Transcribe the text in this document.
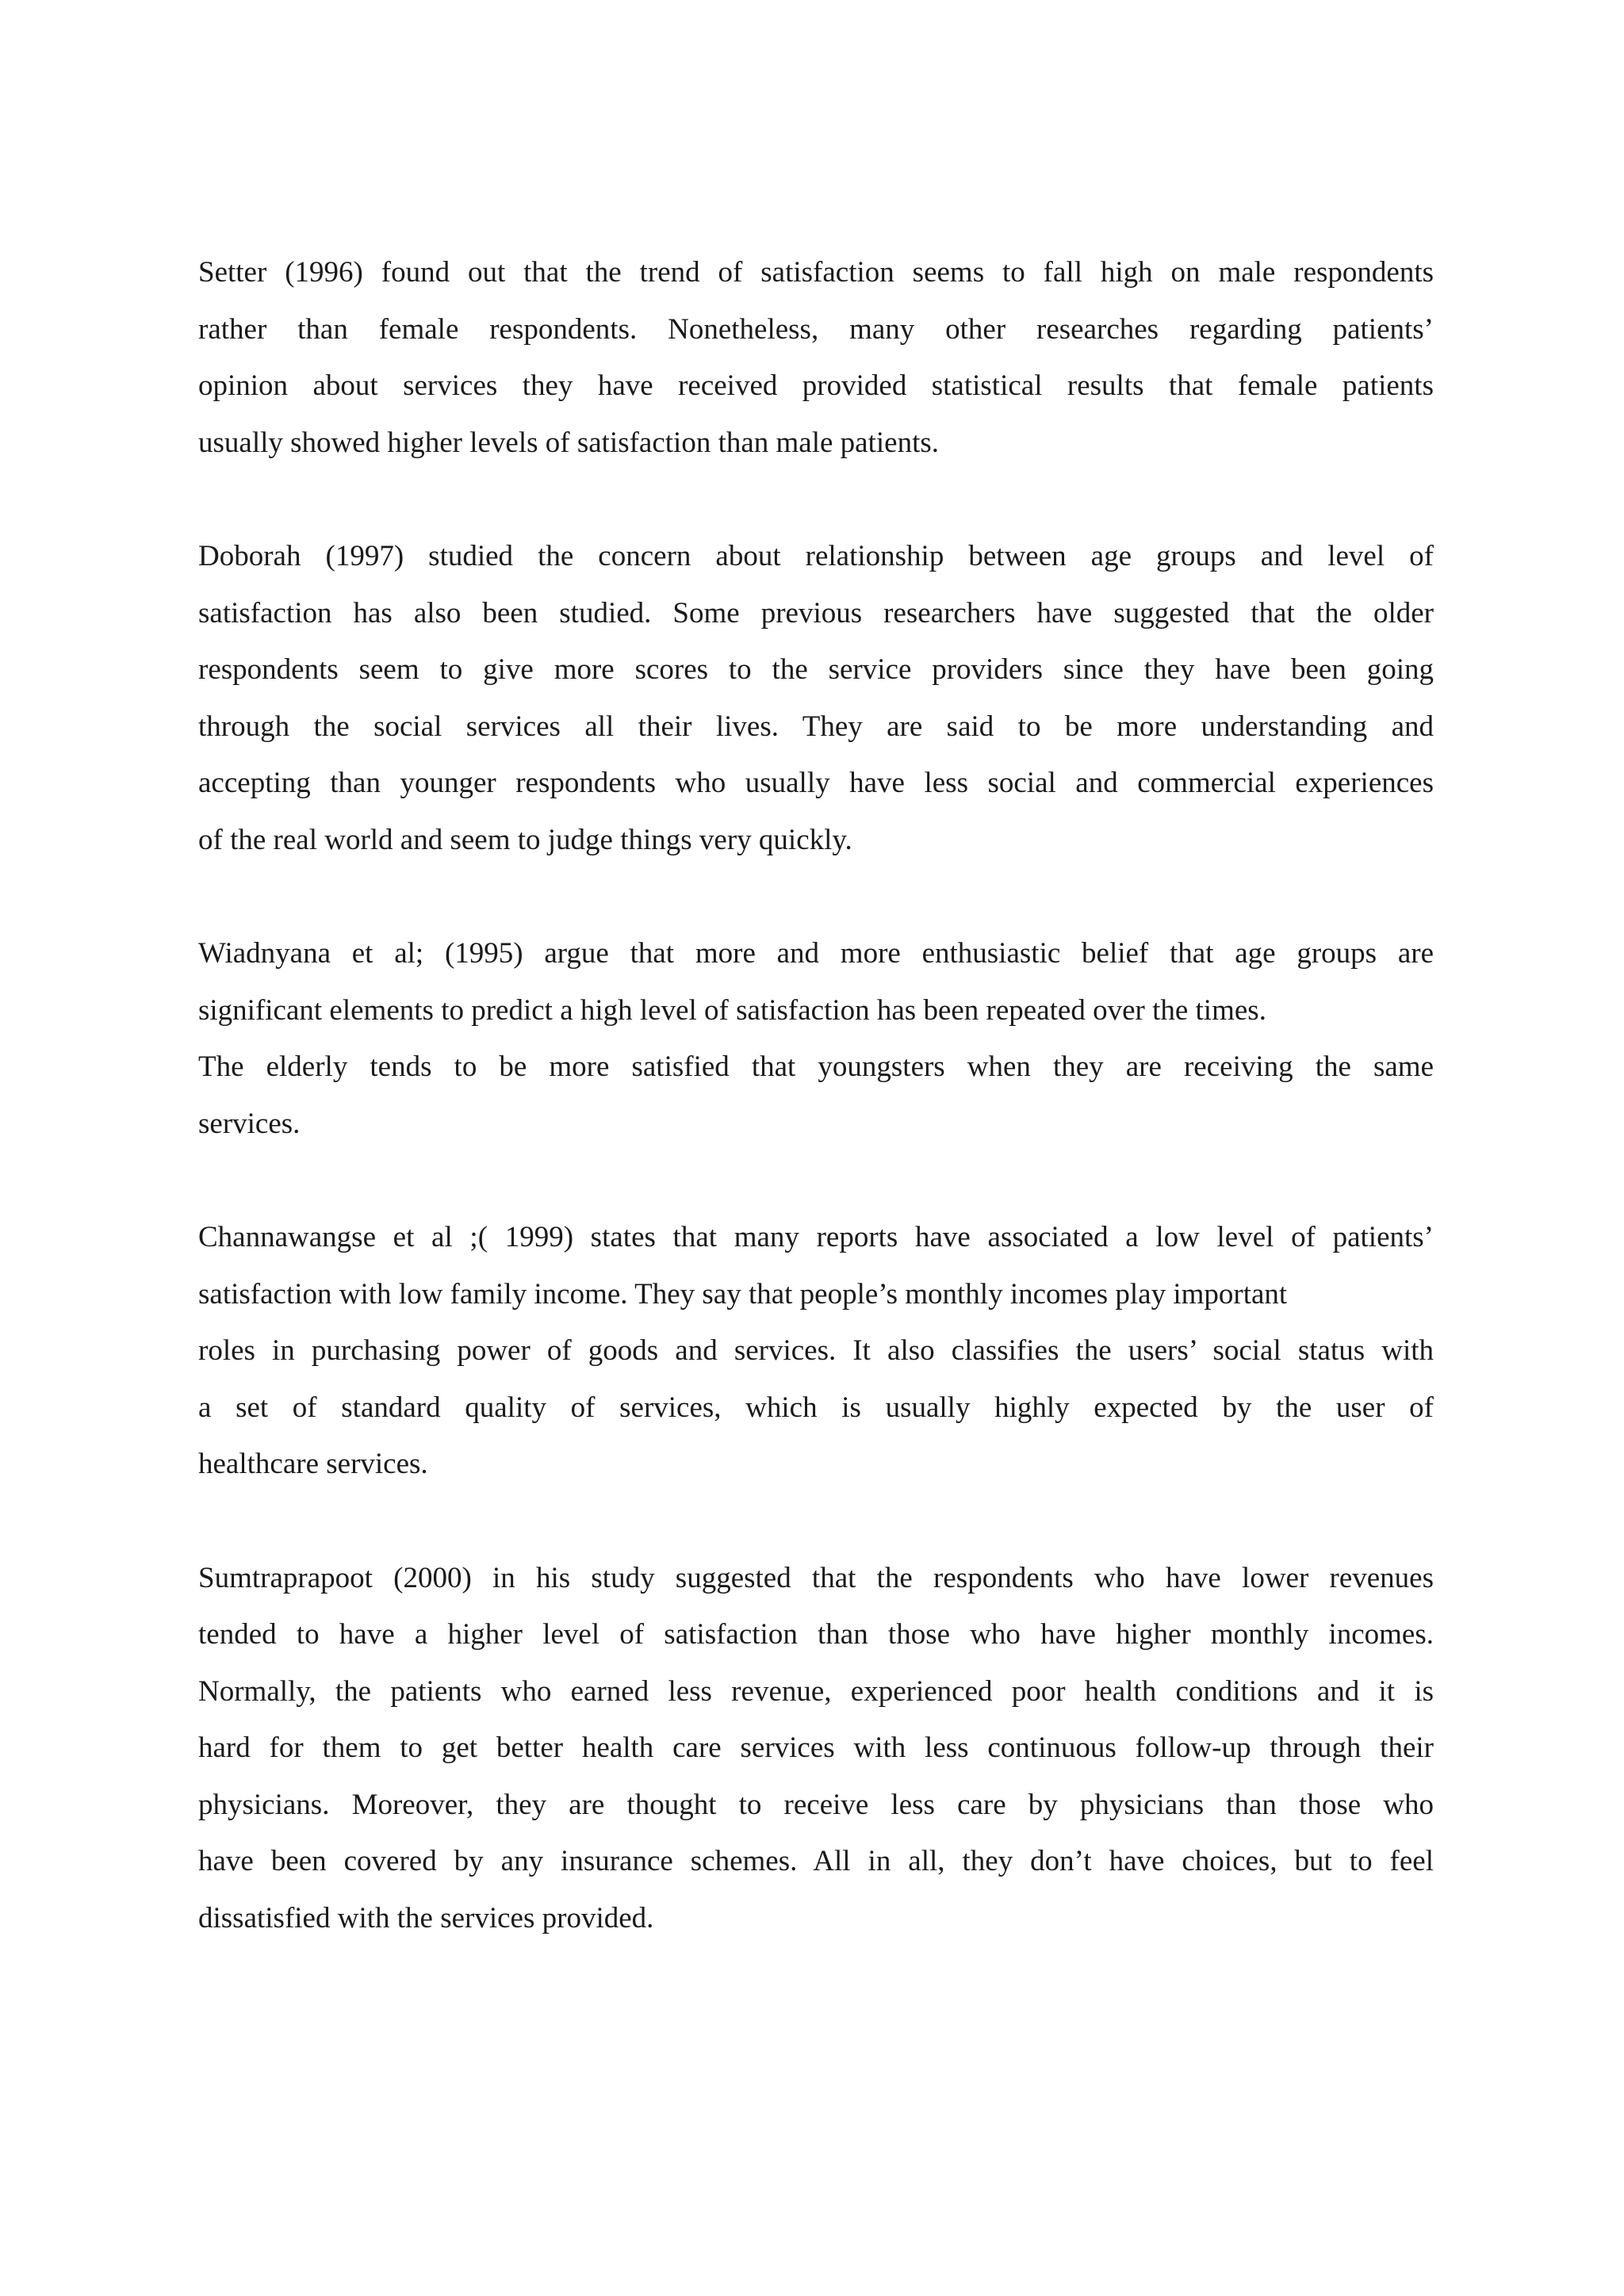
Setter (1996) found out that the trend of satisfaction seems to fall high on male respondents
rather than female respondents. Nonetheless, many other researches regarding patients’
opinion about services they have received provided statistical results that female patients
usually showed higher levels of satisfaction than male patients.

Doborah (1997) studied the concern about relationship between age groups and level of
satisfaction has also been studied. Some previous researchers have suggested that the older
respondents seem to give more scores to the service providers since they have been going
through the social services all their lives. They are said to be more understanding and
accepting than younger respondents who usually have less social and commercial experiences
of the real world and seem to judge things very quickly.

Wiadnyana et al; (1995) argue that more and more enthusiastic belief that age groups are
significant elements to predict a high level of satisfaction has been repeated over the times.
The elderly tends to be more satisfied that youngsters when they are receiving the same
services.

Channawangse et al ;( 1999) states that many reports have associated a low level of patients’
satisfaction with low family income. They say that people’s monthly incomes play important
roles in purchasing power of goods and services. It also classifies the users’ social status with
a set of standard quality of services, which is usually highly expected by the user of
healthcare services.

Sumtraprapoot (2000) in his study suggested that the respondents who have lower revenues
tended to have a higher level of satisfaction than those who have higher monthly incomes.
Normally, the patients who earned less revenue, experienced poor health conditions and it is
hard for them to get better health care services with less continuous follow-up through their
physicians. Moreover, they are thought to receive less care by physicians than those who
have been covered by any insurance schemes. All in all, they don’t have choices, but to feel
dissatisfied with the services provided.
